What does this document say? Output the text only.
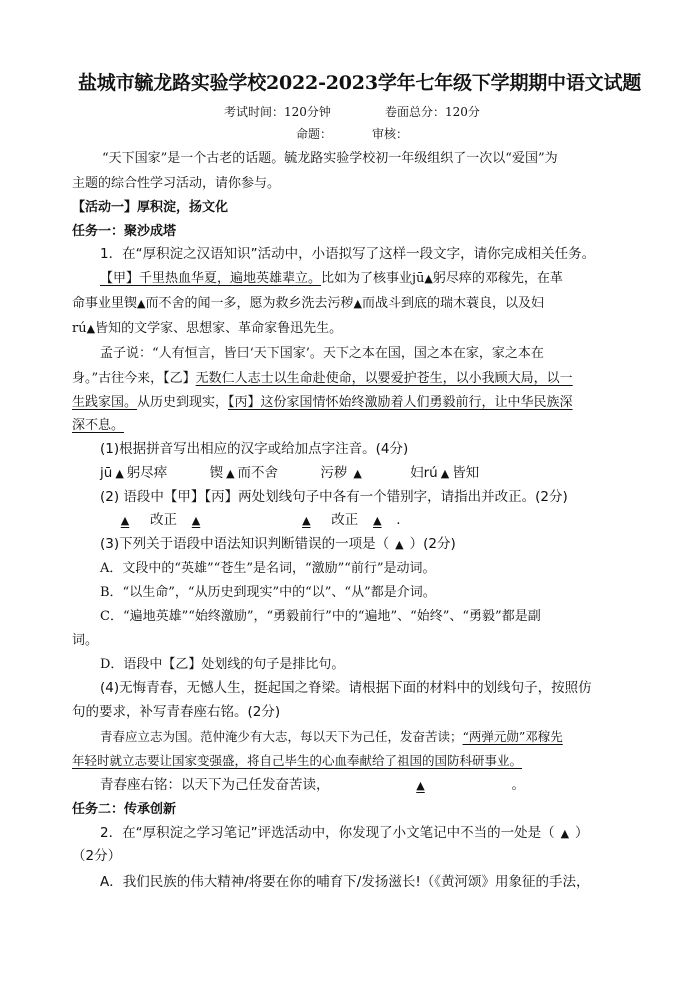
盐城市毓龙路实验学校2022-2023学年七年级下学期期中语文试题
考试时间：120分钟	卷面总分：120分
命题：	审核：
“天下国家”是一个古老的话题。毓龙路实验学校初一年级组织了一次以“爱国”为
主题的综合性学习活动，请你参与。
【活动一】厚积淀，扬文化
任务一：聚沙成塔
1．在“厚积淀之汉语知识”活动中，小语拟写了这样一段文字，请你完成相关任务。
【甲】千里热血华夏，遍地英雄辈立。比如为了核事业jū▲躬尽瘁的邓稼先，在革
命事业里锲▲而不舍的闻一多，愿为救乡洗去污秽▲而战斗到底的瑞木蓑良，以及妇
rú▲皆知的文学家、思想家、革命家鲁迅先生。
孟子说：“人有恒言，皆曰‘天下国家’。天下之本在国，国之本在家，家之本在
身。”古往今来，【乙】无数仁人志士以生命赴使命，以婴爱护苍生，以小我顾大局，以一
生践家国。从历史到现实，【丙】这份家国情怀始终激励着人们勇毅前行，让中华民族深
深不息。
(1)根据拼音写出相应的汉字或给加点字注音。(4分)
jū ▲ 躬尽瘁	锲 ▲ 而不舍	污秽 ▲	妇rú ▲ 皆知
(2) 语段中【甲】【丙】两处划线句子中各有一个错别字，请指出并改正。(2分)
▲ 改正 ▲	▲ 改正 ▲ .
(3)下列关于语段中语法知识判断错误的一项是（ ▲ ）(2分)
A．文段中的“英雄”“苍生”是名词，“激励”“前行”是动词。
B．“以生命”，“从历史到现实”中的“以”、“从”都是介词。
C．“遍地英雄”“始终激励”，“勇毅前行”中的“遍地”、“始终”、“勇毅”都是副
词。
D．语段中【乙】处划线的句子是排比句。
(4)无悔青春，无憾人生，挺起国之脊梁。请根据下面的材料中的划线句子，按照仿
句的要求，补写青春座右铭。(2分)
青春应立志为国。范仲淹少有大志，每以天下为己任，发奋苦读；“两弹元勋”邓稼先
年轻时就立志要让国家变强盛，将自己毕生的心血奉献给了祖国的国防科研事业。
青春座右铭：以天下为己任发奋苦读，	▲	。
任务二：传承创新
2．在“厚积淀之学习笔记”评选活动中，你发现了小文笔记中不当的一处是（ ▲ ）
（2分）
A．我们民族的伟大精神/将要在你的哺育下/发扬滋长!（《黄河颂》用象征的手法，
